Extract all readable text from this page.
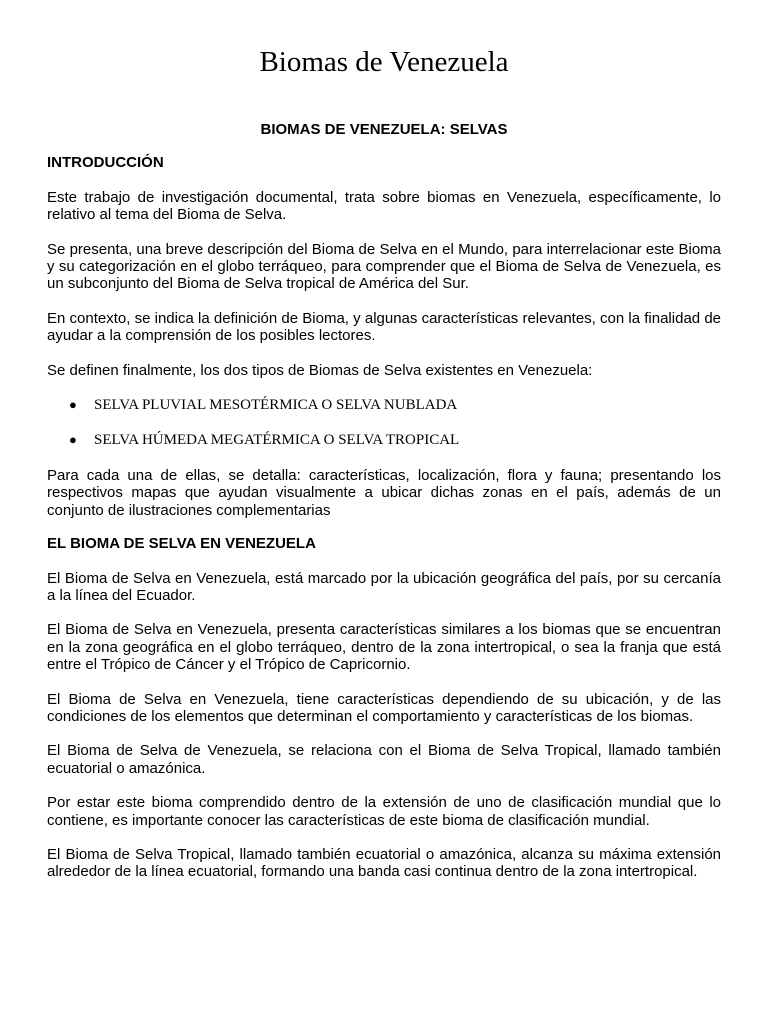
Biomas de Venezuela
BIOMAS DE VENEZUELA: SELVAS
INTRODUCCIÓN

Este trabajo de investigación documental, trata sobre biomas en Venezuela, específicamente, lo relativo al tema del Bioma de Selva.

Se presenta, una breve descripción del Bioma de Selva en el Mundo, para interrelacionar este Bioma y su categorización en el globo terráqueo, para comprender que el Bioma de Selva de Venezuela, es un subconjunto del Bioma de Selva tropical de América del Sur.

En contexto, se indica la definición de Bioma, y algunas características relevantes, con la finalidad de ayudar a la comprensión de los posibles lectores.

Se definen finalmente, los dos tipos de Biomas de Selva existentes en Venezuela:

● SELVA PLUVIAL MESOTÉRMICA O SELVA NUBLADA
● SELVA HÚMEDA MEGATÉRMICA O SELVA TROPICAL

Para cada una de ellas, se detalla: características, localización, flora y fauna; presentando los respectivos mapas que ayudan visualmente a ubicar dichas zonas en el país, además de un conjunto de ilustraciones complementarias

EL BIOMA DE SELVA EN VENEZUELA

El Bioma de Selva en Venezuela, está marcado por la ubicación geográfica del país, por su cercanía a la línea del Ecuador.

El Bioma de Selva en Venezuela, presenta características similares a los biomas que se encuentran en la zona geográfica en el globo terráqueo, dentro de la zona intertropical, o sea la franja que está entre el Trópico de Cáncer y el Trópico de Capricornio.

El Bioma de Selva en Venezuela, tiene características dependiendo de su ubicación, y de las condiciones de los elementos que determinan el comportamiento y características de los biomas.

El Bioma de Selva de Venezuela, se relaciona con el Bioma de Selva Tropical, llamado también ecuatorial o amazónica.

Por estar este bioma comprendido dentro de la extensión de uno de clasificación mundial que lo contiene, es importante conocer las características de este bioma de clasificación mundial.

El Bioma de Selva Tropical, llamado también ecuatorial o amazónica, alcanza su máxima extensión alrededor de la línea ecuatorial, formando una banda casi continua dentro de la zona intertropical.
